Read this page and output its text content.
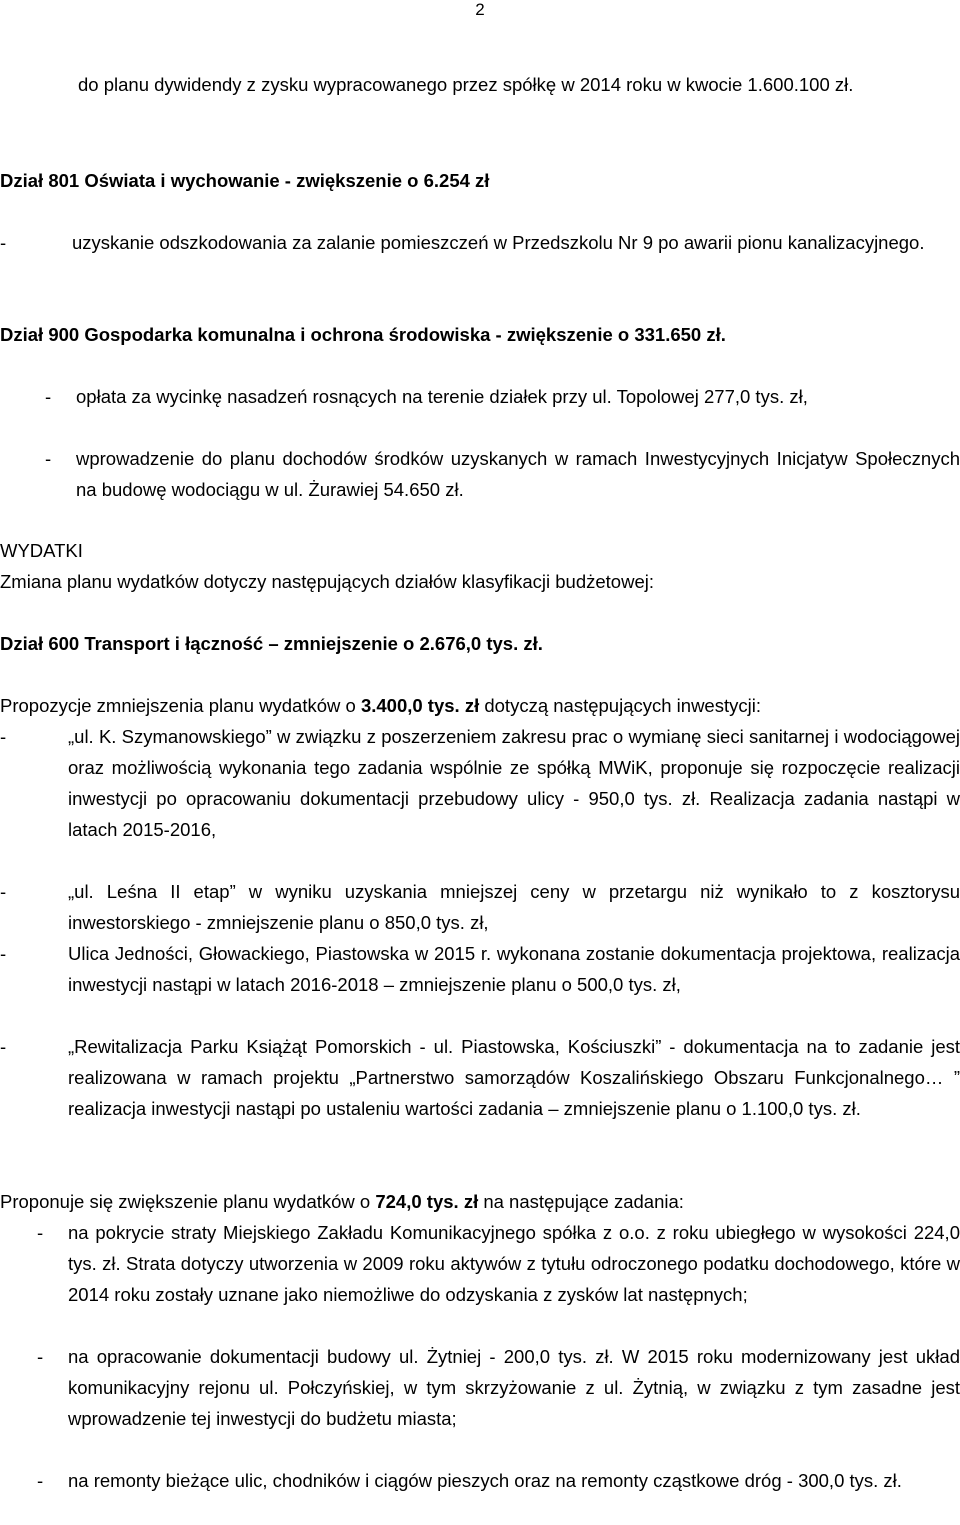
2
do planu dywidendy z zysku wypracowanego przez spółkę w 2014 roku w kwocie 1.600.100 zł.
Dział 801 Oświata i wychowanie - zwiększenie o 6.254 zł
-	uzyskanie odszkodowania za zalanie pomieszczeń w Przedszkolu Nr 9 po awarii pionu kanalizacyjnego.
Dział 900 Gospodarka komunalna i ochrona środowiska - zwiększenie o 331.650 zł.
- opłata za wycinkę nasadzeń rosnących na terenie działek przy ul. Topolowej 277,0 tys. zł,
- wprowadzenie do planu dochodów środków uzyskanych w ramach Inwestycyjnych Inicjatyw Społecznych na budowę wodociągu w ul. Żurawiej 54.650 zł.
WYDATKI
Zmiana planu wydatków dotyczy następujących działów klasyfikacji budżetowej:
Dział 600 Transport i łączność – zmniejszenie o 2.676,0 tys. zł.
Propozycje zmniejszenia planu wydatków o 3.400,0 tys. zł dotyczą następujących inwestycji:
-	„ul. K. Szymanowskiego” w związku z poszerzeniem zakresu prac o wymianę sieci sanitarnej i wodociągowej oraz możliwością wykonania tego zadania wspólnie ze spółką MWiK, proponuje się rozpoczęcie realizacji inwestycji po opracowaniu dokumentacji przebudowy ulicy - 950,0 tys. zł. Realizacja zadania nastąpi w latach 2015-2016,
-	„ul. Leśna II etap” w wyniku uzyskania mniejszej ceny w przetargu niż wynikało to z kosztorysu inwestorskiego - zmniejszenie planu o 850,0 tys. zł,
-	Ulica Jedności, Głowackiego, Piastowska w 2015 r. wykonana zostanie dokumentacja projektowa, realizacja inwestycji nastąpi w latach 2016-2018 – zmniejszenie planu o 500,0 tys. zł,
-	„Rewitalizacja Parku Książąt Pomorskich - ul. Piastowska, Kościuszki” - dokumentacja na to zadanie jest realizowana w ramach projektu „Partnerstwo samorządów Koszalińskiego Obszaru Funkcjonalnego… ” realizacja inwestycji nastąpi po ustaleniu wartości zadania – zmniejszenie planu o 1.100,0 tys. zł.
Proponuje się zwiększenie planu wydatków o 724,0 tys. zł na następujące zadania:
- na pokrycie straty Miejskiego Zakładu Komunikacyjnego spółka z o.o. z roku ubiegłego w wysokości 224,0 tys. zł. Strata dotyczy utworzenia w 2009 roku aktywów z tytułu odroczonego podatku dochodowego, które w 2014 roku zostały uznane jako niemożliwe do odzyskania z zysków lat następnych;
- na opracowanie dokumentacji budowy ul. Żytniej - 200,0 tys. zł. W 2015 roku modernizowany jest układ komunikacyjny rejonu ul. Połczyńskiej, w tym skrzyżowanie z ul. Żytnią, w związku z tym zasadne jest wprowadzenie tej inwestycji do budżetu miasta;
- na remonty bieżące ulic, chodników i ciągów pieszych oraz na remonty cząstkowe dróg - 300,0 tys. zł.
